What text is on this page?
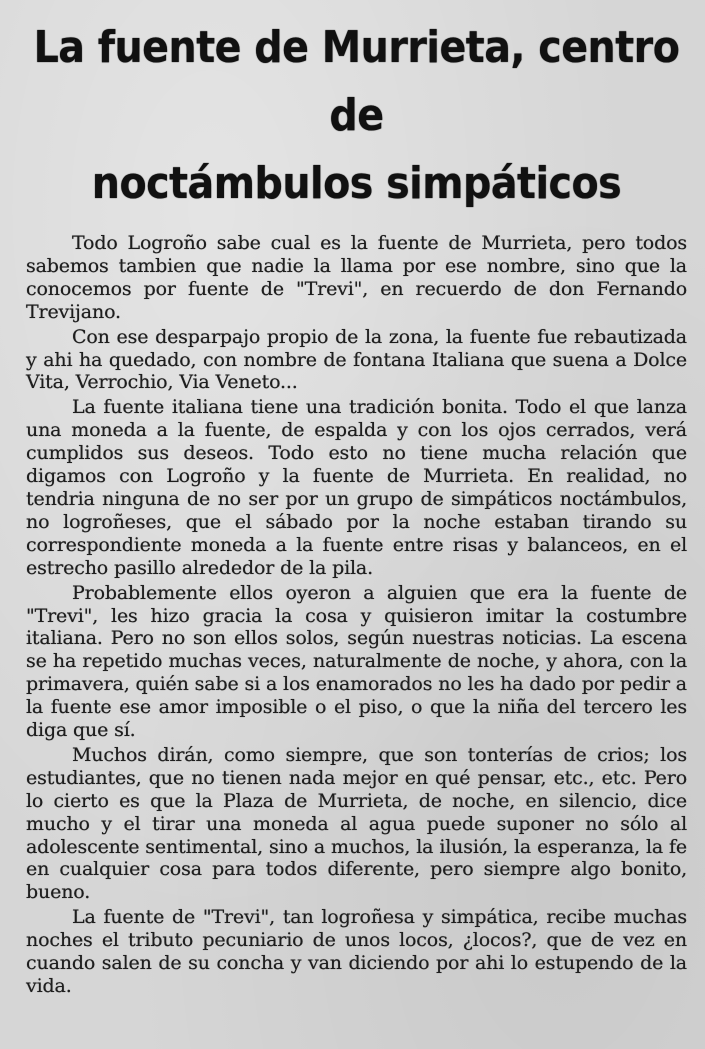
La fuente de Murrieta, centro de
noctámbulos simpáticos

Todo Logroño sabe cual es la fuente de Murrieta, pero todos sabemos tambien que nadie la llama por ese nombre, sino que la conocemos por fuente de "Trevi", en recuerdo de don Fernando Trevijano.

Con ese desparpajo propio de la zona, la fuente fue rebautizada y ahi ha quedado, con nombre de fontana Italiana que suena a Dolce Vita, Verrochio, Via Veneto...

La fuente italiana tiene una tradición bonita. Todo el que lanza una moneda a la fuente, de espalda y con los ojos cerrados, verá cumplidos sus deseos. Todo esto no tiene mucha relación que digamos con Logroño y la fuente de Murrieta. En realidad, no tendria ninguna de no ser por un grupo de simpáticos noctámbulos, no logroñeses, que el sábado por la noche estaban tirando su correspondiente moneda a la fuente entre risas y balanceos, en el estrecho pasillo alrededor de la pila.

Probablemente ellos oyeron a alguien que era la fuente de "Trevi", les hizo gracia la cosa y quisieron imitar la costumbre italiana. Pero no son ellos solos, según nuestras noticias. La escena se ha repetido muchas veces, naturalmente de noche, y ahora, con la primavera, quién sabe si a los enamorados no les ha dado por pedir a la fuente ese amor imposible o el piso, o que la niña del tercero les diga que sí.

Muchos dirán, como siempre, que son tonterías de crios; los estudiantes, que no tienen nada mejor en qué pensar, etc., etc. Pero lo cierto es que la Plaza de Murrieta, de noche, en silencio, dice mucho y el tirar una moneda al agua puede suponer no sólo al adolescente sentimental, sino a muchos, la ilusión, la esperanza, la fe en cualquier cosa para todos diferente, pero siempre algo bonito, bueno.

La fuente de "Trevi", tan logroñesa y simpática, recibe muchas noches el tributo pecuniario de unos locos, ¿locos?, que de vez en cuando salen de su concha y van diciendo por ahi lo estupendo de la vida.
